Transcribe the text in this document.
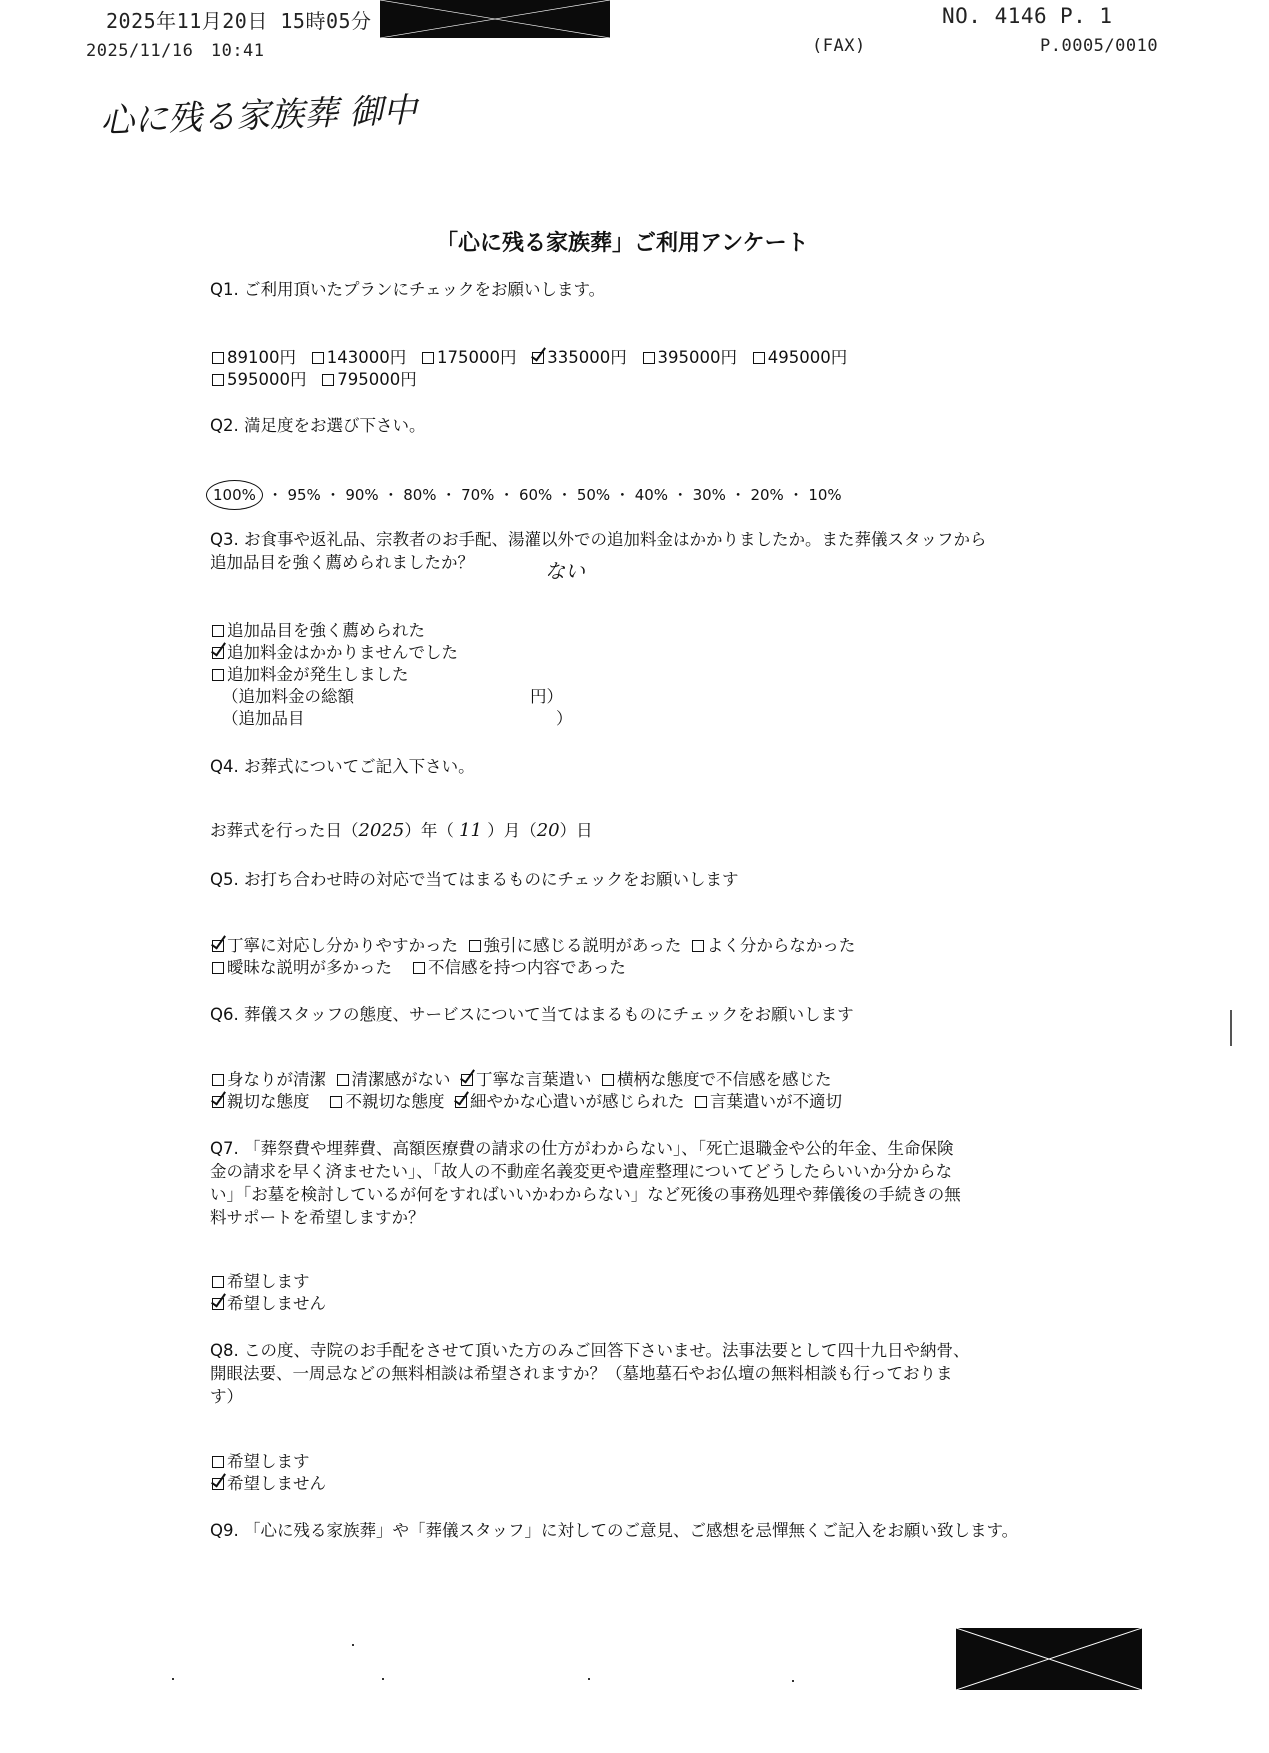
2025年11月20日 15時05分
2025/11/16　10:41	(FAX)
NO. 4146 P. 1
P.0005/0010
心に残る家族葬 御中
「心に残る家族葬」ご利用アンケート
Q1. ご利用頂いたプランにチェックをお願いします。
89100円 143000円 175000円 335000円 395000円 495000円
595000円 795000円
Q2. 満足度をお選び下さい。
100% ・ 95% ・ 90% ・ 80% ・ 70% ・ 60% ・ 50% ・ 40% ・ 30% ・ 20% ・ 10%
Q3. お食事や返礼品、宗教者のお手配、湯灌以外での追加料金はかかりましたか。また葬儀スタッフから
追加品目を強く薦められましたか？	ない
追加品目を強く薦められた
追加料金はかかりませんでした
追加料金が発生しました
（追加料金の総額	円）
（追加品目	）
Q4. お葬式についてご記入下さい。
お葬式を行った日（2025）年（ 11 ）月（20）日
Q5. お打ち合わせ時の対応で当てはまるものにチェックをお願いします
丁寧に対応し分かりやすかった 強引に感じる説明があった よく分からなかった
曖昧な説明が多かった 不信感を持つ内容であった
Q6. 葬儀スタッフの態度、サービスについて当てはまるものにチェックをお願いします
身なりが清潔 清潔感がない 丁寧な言葉遣い 横柄な態度で不信感を感じた
親切な態度 不親切な態度 細やかな心遣いが感じられた 言葉遣いが不適切
Q7. 「葬祭費や埋葬費、高額医療費の請求の仕方がわからない」、「死亡退職金や公的年金、生命保険
金の請求を早く済ませたい」、「故人の不動産名義変更や遺産整理についてどうしたらいいか分からな
い」「お墓を検討しているが何をすればいいかわからない」など死後の事務処理や葬儀後の手続きの無
料サポートを希望しますか？
希望します
希望しません
Q8. この度、寺院のお手配をさせて頂いた方のみご回答下さいませ。法事法要として四十九日や納骨、
開眼法要、一周忌などの無料相談は希望されますか？（墓地墓石やお仏壇の無料相談も行っておりま
す）
希望します
希望しません
Q9. 「心に残る家族葬」や「葬儀スタッフ」に対してのご意見、ご感想を忌憚無くご記入をお願い致します。
